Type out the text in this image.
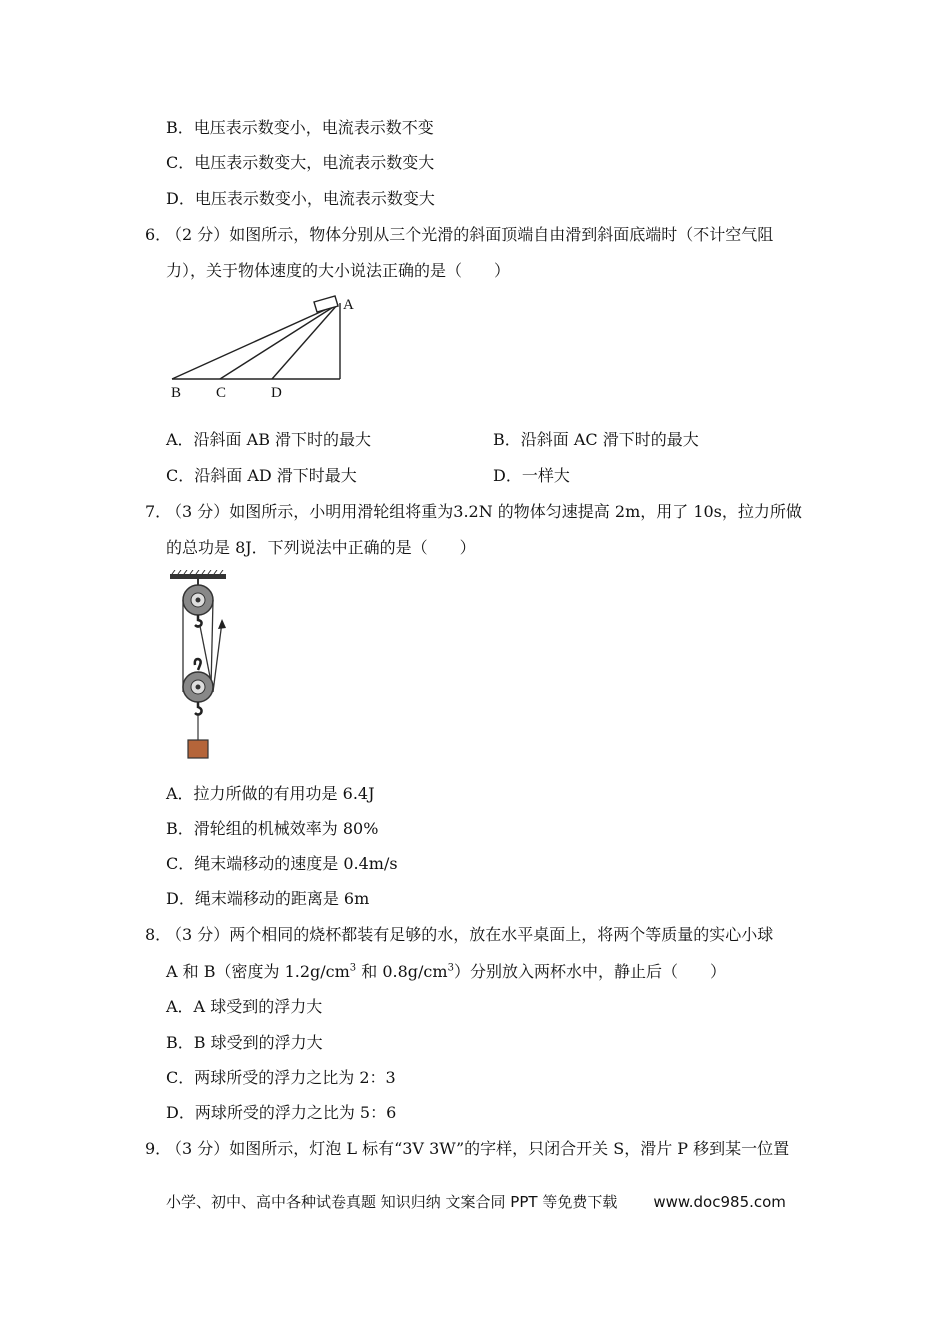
B．电压表示数变小，电流表示数不变
C．电压表示数变大，电流表示数变大
D．电压表示数变小，电流表示数变大
6．
（2 分）如图所示，物体分别从三个光滑的斜面顶端自由滑到斜面底端时（不计空气阻
力），关于物体速度的大小说法正确的是（　　）
A
B C	D
A．沿斜面 AB 滑下时的最大	B．沿斜面 AC 滑下时的最大
C．沿斜面 AD 滑下时最大	D．一样大
7．
（3 分）如图所示，小明用滑轮组将重为3.2N 的物体匀速提高 2m，用了 10s，拉力所做
的总功是 8J．下列说法中正确的是（　　）
A．拉力所做的有用功是 6.4J
B．滑轮组的机械效率为 80%
C．绳末端移动的速度是 0.4m/s
D．绳末端移动的距离是 6m
8．
（3 分）两个相同的烧杯都装有足够的水，放在水平桌面上，将两个等质量的实心小球
A 和 B（密度为 $1.2g/cm^3$ 和 $0.8g/cm^3$）分别放入两杯水中，静止后（　　）
A．A 球受到的浮力大
B．B 球受到的浮力大
C．两球所受的浮力之比为 2：3
D．两球所受的浮力之比为 5：6
9．
（3 分）如图所示，灯泡 L 标有“3V 3W”的字样，只闭合开关 S，滑片 P 移到某一位置
小学、初中、高中各种试卷真题 知识归纳 文案合同 PPT 等免费下载 www.doc985.com
